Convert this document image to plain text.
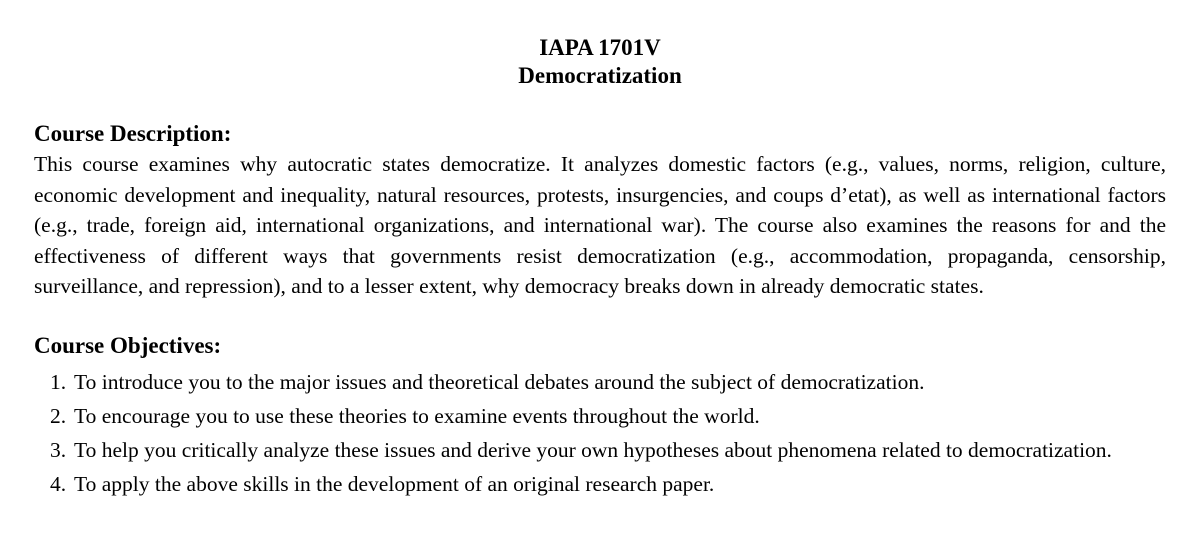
IAPA 1701V

Democratization

Course Description:

This course examines why autocratic states democratize. It analyzes domestic factors (e.g., values, norms, religion, culture, economic development and inequality, natural resources, protests, insurgencies, and coups d’etat), as well as international factors (e.g., trade, foreign aid, international organizations, and international war). The course also examines the reasons for and the effectiveness of different ways that governments resist democratization (e.g., accommodation, propaganda, censorship, surveillance, and repression), and to a lesser extent, why democracy breaks down in already democratic states.

Course Objectives:

1. To introduce you to the major issues and theoretical debates around the subject of democratization.
2. To encourage you to use these theories to examine events throughout the world.
3. To help you critically analyze these issues and derive your own hypotheses about phenomena related to democratization.
4. To apply the above skills in the development of an original research paper.
